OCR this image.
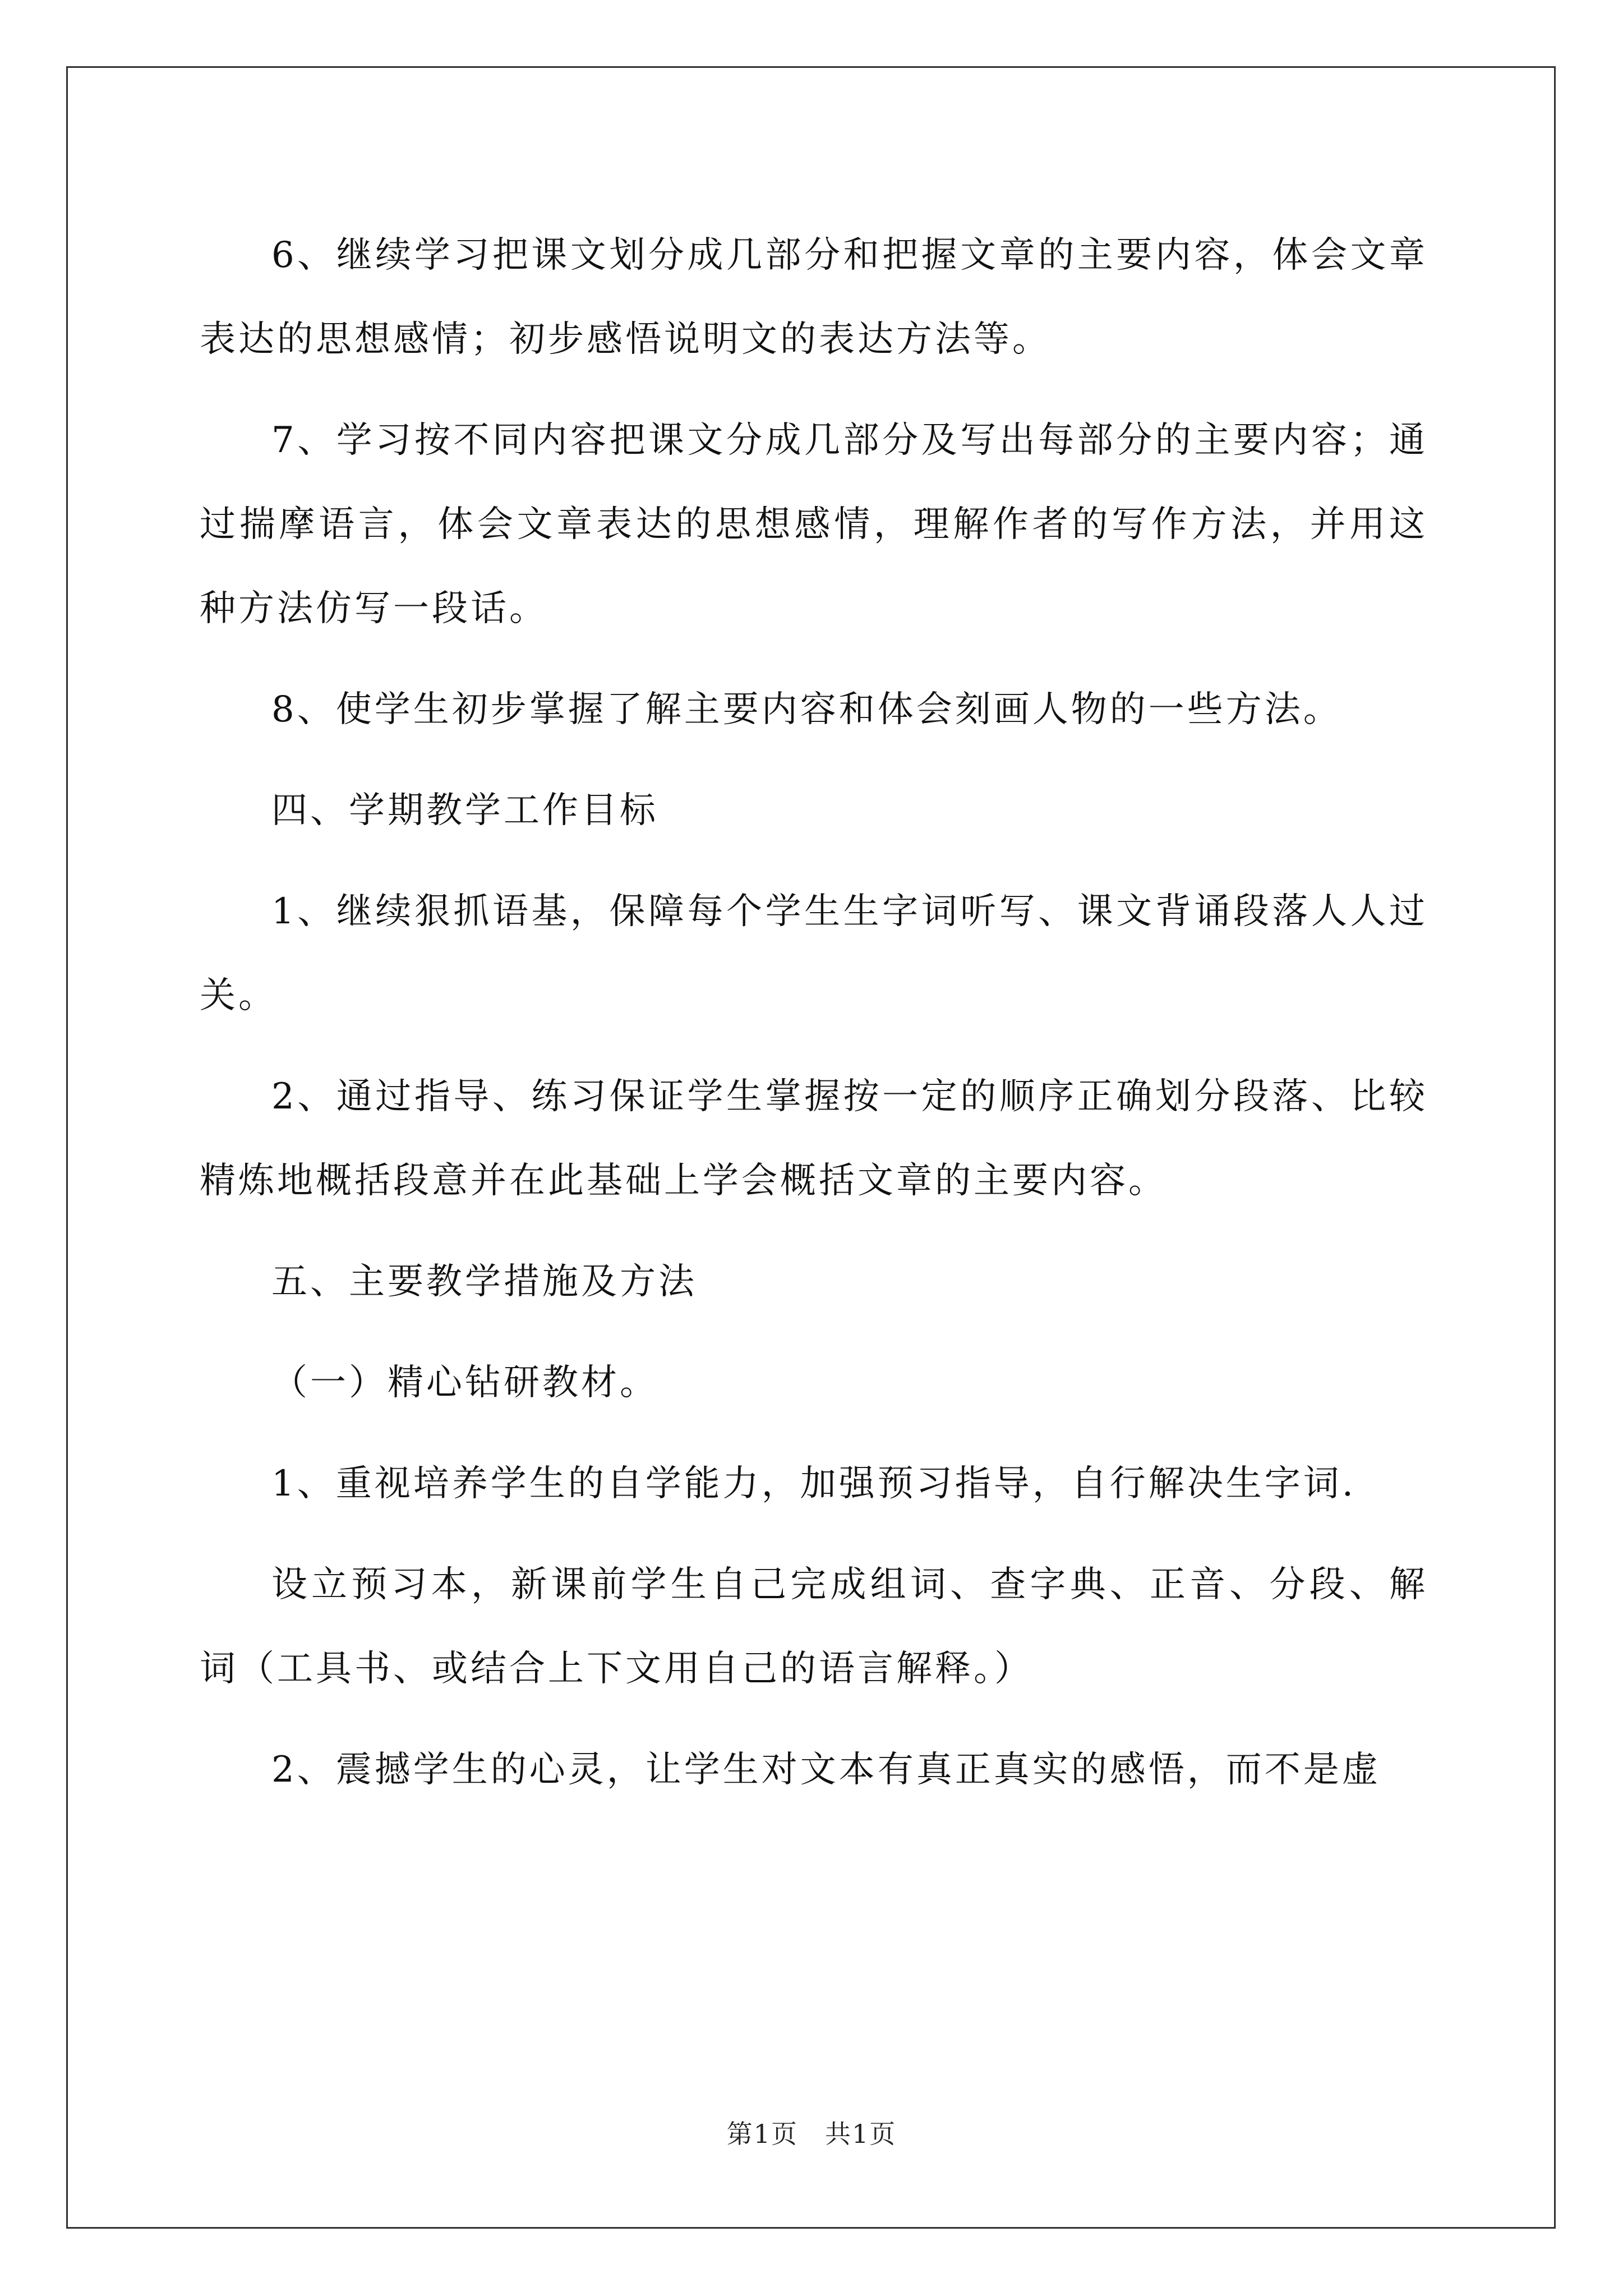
6、继续学习把课文划分成几部分和把握文章的主要内容，体会文章表达的思想感情；初步感悟说明文的表达方法等。

7、学习按不同内容把课文分成几部分及写出每部分的主要内容；通过揣摩语言，体会文章表达的思想感情，理解作者的写作方法，并用这种方法仿写一段话。

8、使学生初步掌握了解主要内容和体会刻画人物的一些方法。

四、学期教学工作目标

1、继续狠抓语基，保障每个学生生字词听写、课文背诵段落人人过关。

2、通过指导、练习保证学生掌握按一定的顺序正确划分段落、比较精炼地概括段意并在此基础上学会概括文章的主要内容。

五、主要教学措施及方法

（一）精心钻研教材。

1、重视培养学生的自学能力，加强预习指导，自行解决生字词.

设立预习本，新课前学生自己完成组词、查字典、正音、分段、解词（工具书、或结合上下文用自己的语言解释。）

2、震撼学生的心灵，让学生对文本有真正真实的感悟，而不是虚

第1页　共1页
